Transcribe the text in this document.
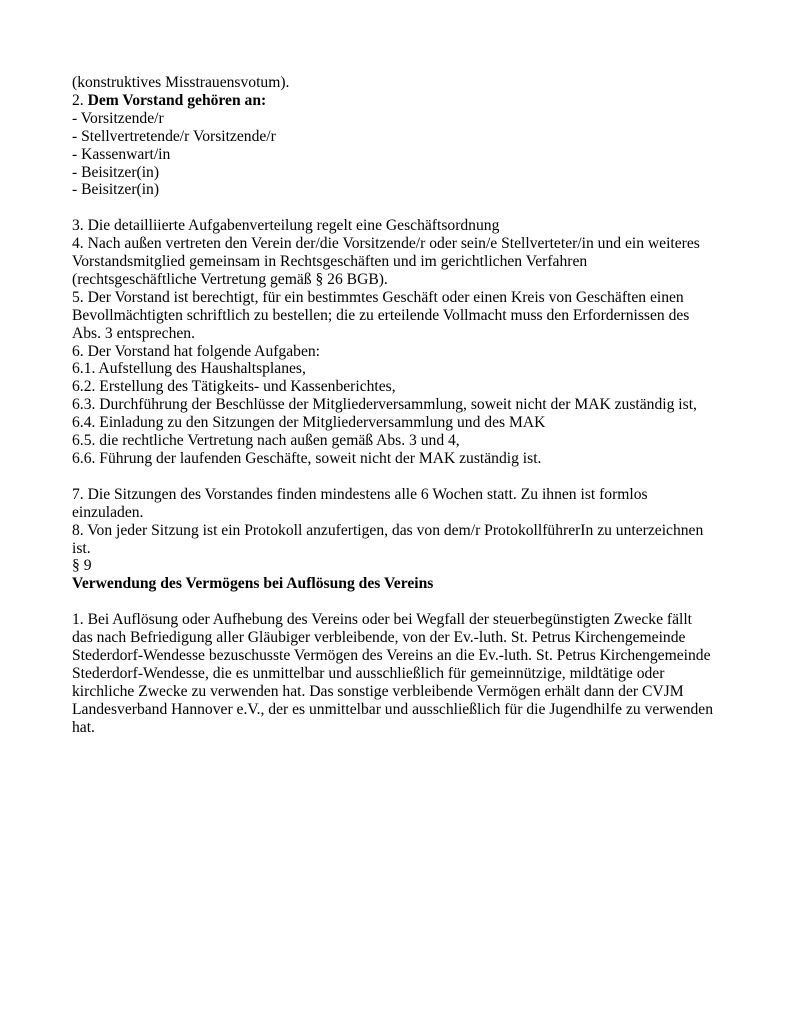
(konstruktives Misstrauensvotum).

2. Dem Vorstand gehören an:

- Vorsitzende/r

- Stellvertretende/r Vorsitzende/r

- Kassenwart/in

- Beisitzer(in)

- Beisitzer(in)

3. Die detailliierte Aufgabenverteilung regelt eine Geschäftsordnung

4. Nach außen vertreten den Verein der/die Vorsitzende/r oder sein/e Stellverteter/in und ein weiteres Vorstandsmitglied gemeinsam in Rechtsgeschäften und im gerichtlichen Verfahren (rechtsgeschäftliche Vertretung gemäß § 26 BGB).

5. Der Vorstand ist berechtigt, für ein bestimmtes Geschäft oder einen Kreis von Geschäften einen Bevollmächtigten schriftlich zu bestellen; die zu erteilende Vollmacht muss den Erfordernissen des Abs. 3 entsprechen.

6. Der Vorstand hat folgende Aufgaben:

6.1. Aufstellung des Haushaltsplanes,

6.2. Erstellung des Tätigkeits- und Kassenberichtes,

6.3. Durchführung der Beschlüsse der Mitgliederversammlung, soweit nicht der MAK zuständig ist,

6.4. Einladung zu den Sitzungen der Mitgliederversammlung und des MAK

6.5. die rechtliche Vertretung nach außen gemäß Abs. 3 und 4,

6.6. Führung der laufenden Geschäfte, soweit nicht der MAK zuständig ist.

7. Die Sitzungen des Vorstandes finden mindestens alle 6 Wochen statt. Zu ihnen ist formlos einzuladen.

8. Von jeder Sitzung ist ein Protokoll anzufertigen, das von dem/r ProtokollführerIn zu unterzeichnen ist.

§ 9

Verwendung des Vermögens bei Auflösung des Vereins

1. Bei Auflösung oder Aufhebung des Vereins oder bei Wegfall der steuerbegünstigten Zwecke fällt das nach Befriedigung aller Gläubiger verbleibende, von der Ev.-luth. St. Petrus Kirchengemeinde Stederdorf-Wendesse bezuschusste Vermögen des Vereins an die Ev.-luth. St. Petrus Kirchengemeinde Stederdorf-Wendesse, die es unmittelbar und ausschließlich für gemeinnützige, mildtätige oder kirchliche Zwecke zu verwenden hat. Das sonstige verbleibende Vermögen erhält dann der CVJM Landesverband Hannover e.V., der es unmittelbar und ausschließlich für die Jugendhilfe zu verwenden hat.
